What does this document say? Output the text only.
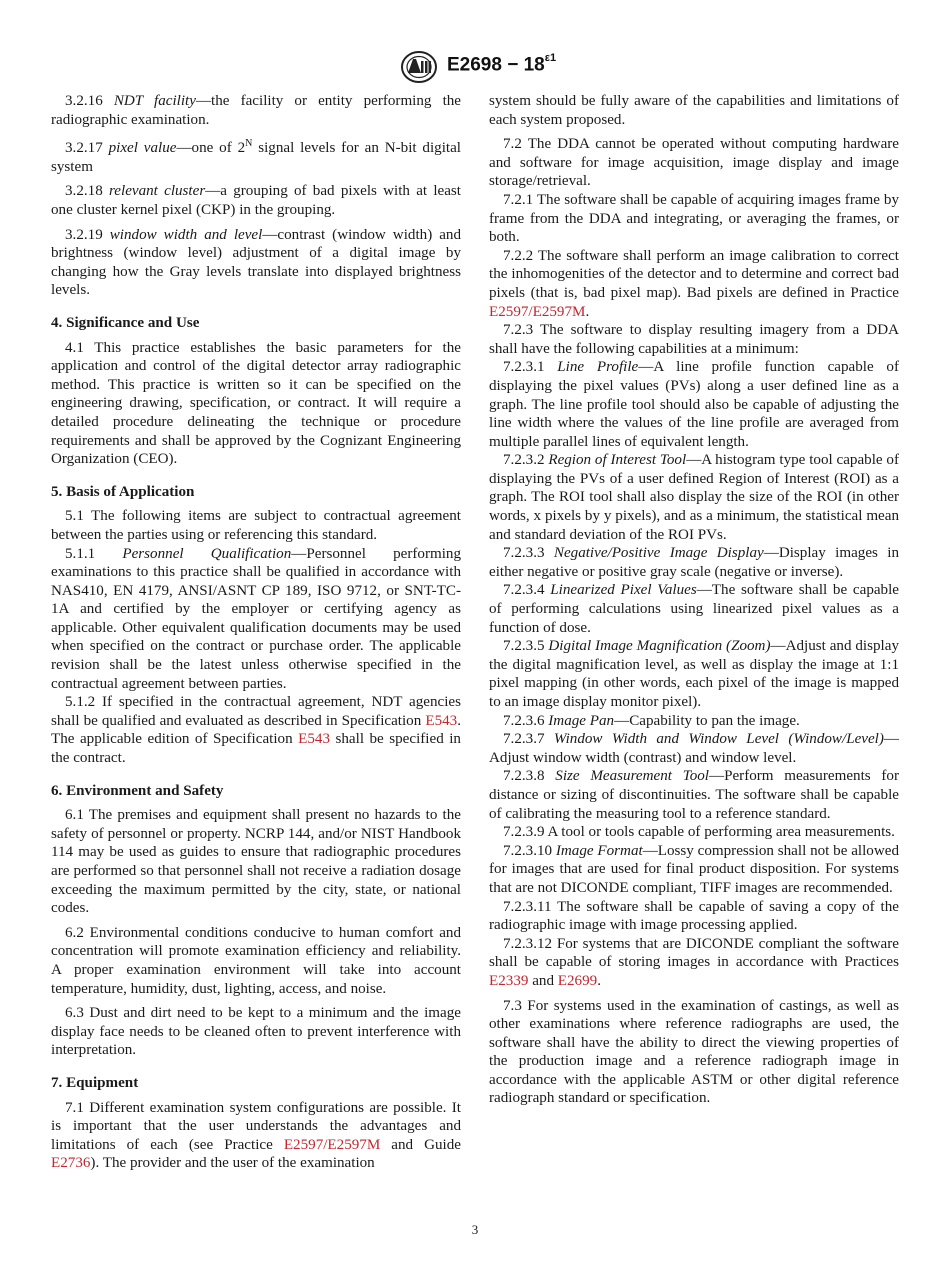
$E2698 - 18^{\varepsilon 1}$

3.2.16 NDT facility—the facility or entity performing the radiographic examination.

3.2.17 pixel value—one of $2^N$ signal levels for an N-bit digital system

3.2.18 relevant cluster—a grouping of bad pixels with at least one cluster kernel pixel (CKP) in the grouping.

3.2.19 window width and level—contrast (window width) and brightness (window level) adjustment of a digital image by changing how the Gray levels translate into displayed brightness levels.

4. Significance and Use

4.1 This practice establishes the basic parameters for the application and control of the digital detector array radiographic method. This practice is written so it can be specified on the engineering drawing, specification, or contract. It will require a detailed procedure delineating the technique or procedure requirements and shall be approved by the Cognizant Engineering Organization (CEO).

5. Basis of Application

5.1 The following items are subject to contractual agreement between the parties using or referencing this standard.

5.1.1 Personnel Qualification—Personnel performing examinations to this practice shall be qualified in accordance with NAS410, EN 4179, ANSI/ASNT CP 189, ISO 9712, or SNT-TC-1A and certified by the employer or certifying agency as applicable. Other equivalent qualification documents may be used when specified on the contract or purchase order. The applicable revision shall be the latest unless otherwise specified in the contractual agreement between parties.

5.1.2 If specified in the contractual agreement, NDT agencies shall be qualified and evaluated as described in Specification E543. The applicable edition of Specification E543 shall be specified in the contract.

6. Environment and Safety

6.1 The premises and equipment shall present no hazards to the safety of personnel or property. NCRP 144, and/or NIST Handbook 114 may be used as guides to ensure that radiographic procedures are performed so that personnel shall not receive a radiation dosage exceeding the maximum permitted by the city, state, or national codes.

6.2 Environmental conditions conducive to human comfort and concentration will promote examination efficiency and reliability. A proper examination environment will take into account temperature, humidity, dust, lighting, access, and noise.

6.3 Dust and dirt need to be kept to a minimum and the image display face needs to be cleaned often to prevent interference with interpretation.

7. Equipment

7.1 Different examination system configurations are possible. It is important that the user understands the advantages and limitations of each (see Practice E2597/E2597M and Guide E2736). The provider and the user of the examination

system should be fully aware of the capabilities and limitations of each system proposed.

7.2 The DDA cannot be operated without computing hardware and software for image acquisition, image display and image storage/retrieval.

7.2.1 The software shall be capable of acquiring images frame by frame from the DDA and integrating, or averaging the frames, or both.

7.2.2 The software shall perform an image calibration to correct the inhomogenities of the detector and to determine and correct bad pixels (that is, bad pixel map). Bad pixels are defined in Practice E2597/E2597M.

7.2.3 The software to display resulting imagery from a DDA shall have the following capabilities at a minimum:

7.2.3.1 Line Profile—A line profile function capable of displaying the pixel values (PVs) along a user defined line as a graph. The line profile tool should also be capable of adjusting the line width where the values of the line profile are averaged from multiple parallel lines of equivalent length.

7.2.3.2 Region of Interest Tool—A histogram type tool capable of displaying the PVs of a user defined Region of Interest (ROI) as a graph. The ROI tool shall also display the size of the ROI (in other words, x pixels by y pixels), and as a minimum, the statistical mean and standard deviation of the ROI PVs.

7.2.3.3 Negative/Positive Image Display—Display images in either negative or positive gray scale (negative or inverse).

7.2.3.4 Linearized Pixel Values—The software shall be capable of performing calculations using linearized pixel values as a function of dose.

7.2.3.5 Digital Image Magnification (Zoom)—Adjust and display the digital magnification level, as well as display the image at 1:1 pixel mapping (in other words, each pixel of the image is mapped to an image display monitor pixel).

7.2.3.6 Image Pan—Capability to pan the image.

7.2.3.7 Window Width and Window Level (Window/Level)—Adjust window width (contrast) and window level.

7.2.3.8 Size Measurement Tool—Perform measurements for distance or sizing of discontinuities. The software shall be capable of calibrating the measuring tool to a reference standard.

7.2.3.9 A tool or tools capable of performing area measurements.

7.2.3.10 Image Format—Lossy compression shall not be allowed for images that are used for final product disposition. For systems that are not DICONDE compliant, TIFF images are recommended.

7.2.3.11 The software shall be capable of saving a copy of the radiographic image with image processing applied.

7.2.3.12 For systems that are DICONDE compliant the software shall be capable of storing images in accordance with Practices E2339 and E2699.

7.3 For systems used in the examination of castings, as well as other examinations where reference radiographs are used, the software shall have the ability to direct the viewing properties of the production image and a reference radiograph image in accordance with the applicable ASTM or other digital reference radiograph standard or specification.

3
